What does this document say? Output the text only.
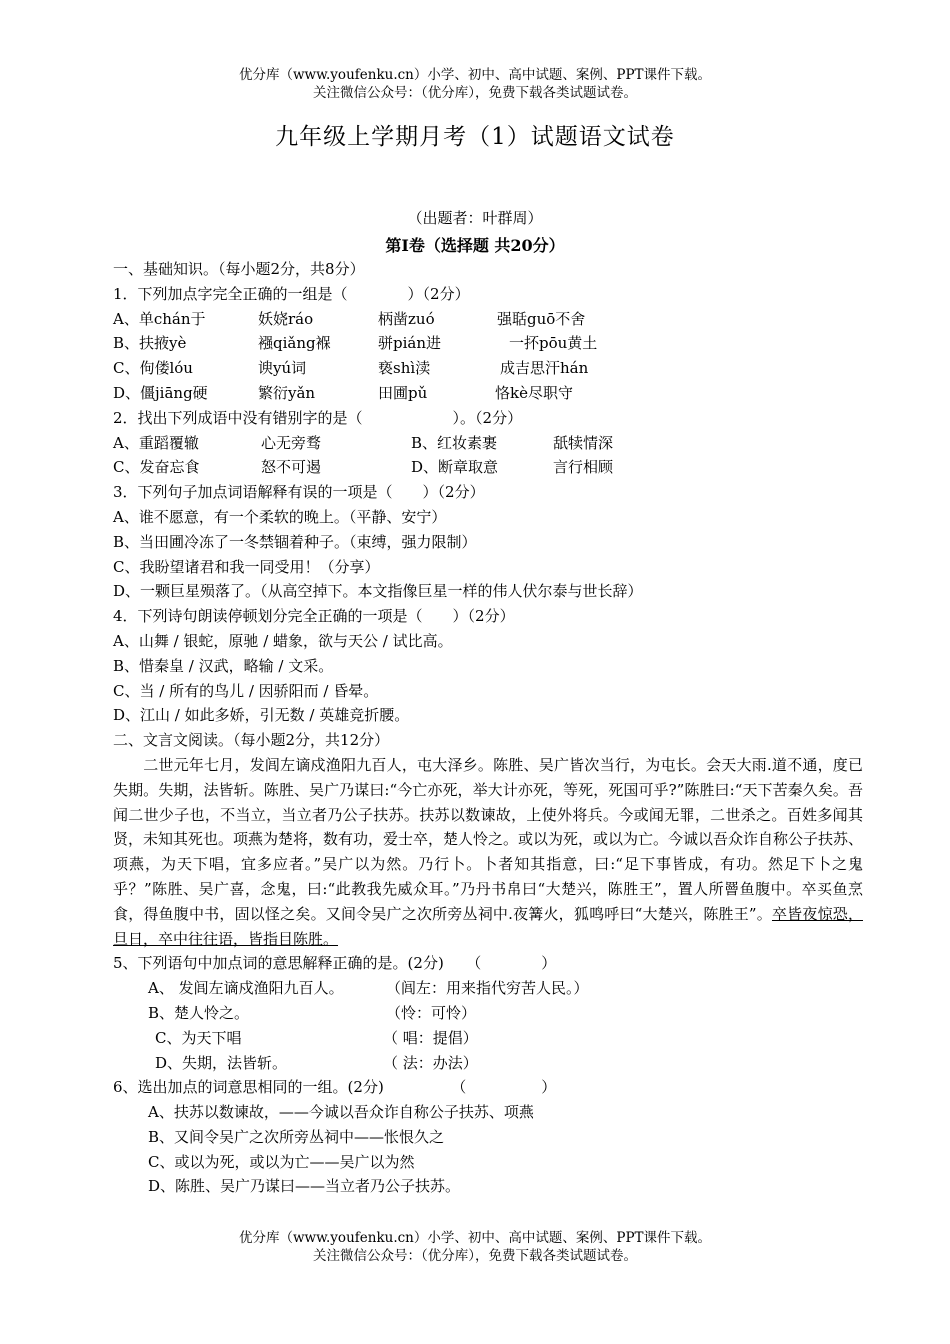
优分库（www.youfenku.cn）小学、初中、高中试题、案例、PPT课件下载。
关注微信公众号：（优分库），免费下载各类试题试卷。
九年级上学期月考（1）试题语文试卷
（出题者：叶群周）
第Ⅰ卷（选择题 共20分）
一、基础知识。（每小题2分，共8分）
1．下列加点字完全正确的一组是（　　　　）（2分）
A、单chán于	妖娆ráo	柄凿zuó	强聒guō不舍
B、扶掖yè	襁qiǎng褓	骈pián进	一抔pōu黄土
C、佝偻lóu	谀yú词	亵shì渎	成吉思汗hán
D、僵jiāng硬	繁衍yǎn	田圃pǔ	恪kè尽职守
2．找出下列成语中没有错别字的是（　　　　　　）。（2分）
A、重蹈覆辙	心无旁骛	B、红妆素裹	舐犊情深
C、发奋忘食	怒不可遏	D、断章取意	言行相顾
3．下列句子加点词语解释有误的一项是（　　）（2分）
A、谁不愿意，有一个柔软的晚上。（平静、安宁）
B、当田圃冷冻了一冬禁锢着种子。（束缚，强力限制）
C、我盼望诸君和我一同受用！（分享）
D、一颗巨星殒落了。（从高空掉下。本文指像巨星一样的伟人伏尔泰与世长辞）
4．下列诗句朗读停顿划分完全正确的一项是（　　）（2分）
A、山舞 / 银蛇，原驰 / 蜡象，欲与天公 / 试比高。
B、惜秦皇 / 汉武，略输 / 文采。
C、当 / 所有的鸟儿 / 因骄阳而 / 昏晕。
D、江山 / 如此多娇，引无数 / 英雄竞折腰。
二、文言文阅读。（每小题2分，共12分）

二世元年七月，发闾左谪戍渔阳九百人，屯大泽乡。陈胜、吴广皆次当行，为屯长。会天大雨.道不通，度已失期。失期，法皆斩。陈胜、吴广乃谋曰:“今亡亦死，举大计亦死，等死，死国可乎?”陈胜曰:“天下苦秦久矣。吾闻二世少子也，不当立，当立者乃公子扶苏。扶苏以数谏故，上使外将兵。今或闻无罪，二世杀之。百姓多闻其贤，未知其死也。项燕为楚将，数有功，爱士卒，楚人怜之。或以为死，或以为亡。今诚以吾众诈自称公子扶苏、项燕，为天下唱，宜多应者。”吴广以为然。乃行卜。卜者知其指意，曰:“足下事皆成，有功。然足下卜之鬼乎？”陈胜、吴广喜，念鬼，曰:“此教我先威众耳。”乃丹书帛曰“大楚兴，陈胜王”，置人所罾鱼腹中。卒买鱼烹食，得鱼腹中书，固以怪之矣。又间令吴广之次所旁丛祠中.夜篝火，狐鸣呼曰“大楚兴，陈胜王”。卒皆夜惊恐，旦日，卒中往往语，皆指目陈胜。

5、下列语句中加点词的意思解释正确的是。(2分)　　（　　　　）
A、 发闾左谪戍渔阳九百人。	（闾左：用来指代穷苦人民。）
B、楚人怜之。	（怜：可怜）
C、为天下唱	（ 唱：提倡）
D、失期，法皆斩。	（ 法：办法）
6、选出加点的词意思相同的一组。(2分)　　　　　（　　　　　）
A、扶苏以数谏故，——今诚以吾众诈自称公子扶苏、项燕
B、又间令吴广之次所旁丛祠中——怅恨久之
C、或以为死，或以为亡——吴广以为然
D、陈胜、吴广乃谋曰——当立者乃公子扶苏。
优分库（www.youfenku.cn）小学、初中、高中试题、案例、PPT课件下载。
关注微信公众号：（优分库），免费下载各类试题试卷。
